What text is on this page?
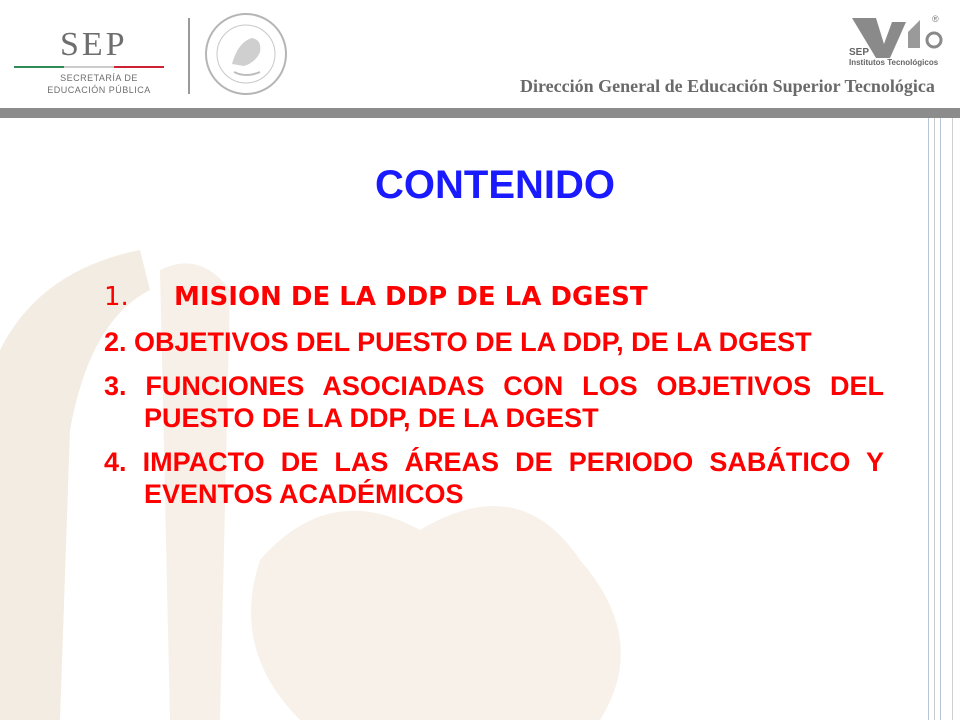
SEP
SECRETARÍA DE
EDUCACIÓN PÚBLICA
SEP
Institutos Tecnológicos
®
Dirección General de Educación Superior Tecnológica
CONTENIDO
1. MISION DE LA DDP DE LA DGEST
2. OBJETIVOS DEL PUESTO DE LA DDP, DE LA DGEST
3. FUNCIONES ASOCIADAS CON LOS OBJETIVOS DEL PUESTO DE LA DDP, DE LA DGEST
4. IMPACTO DE LAS ÁREAS DE PERIODO SABÁTICO Y EVENTOS ACADÉMICOS
